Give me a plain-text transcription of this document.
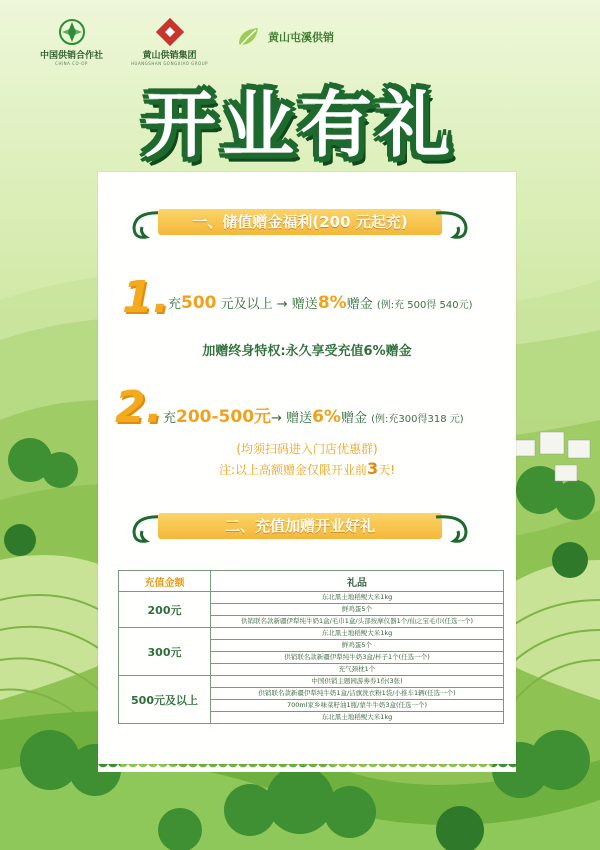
中国供销合作社
CHINA CO-OP
黄山供销集团
HUANGSHAN GONGXIAO GROUP
黄山屯溪供销
开业有礼
一、储值赠金福利(200 元起充)
1.
充500 元及以上 → 赠送8%赠金 (例:充 500得 540元)
加赠终身特权:永久享受充值6%赠金
2. 充200-500元→ 赠送6%赠金 (例:充300得318 元)
(均须扫码进入门店优惠群)
注:以上高额赠金仅限开业前3天!
二、充值加赠开业好礼
充值金额	礼品
200元	东北黑土地稻鲵大米1kg
	鲜鸡蛋5个
	供销联名款新疆伊犁纯牛奶1盒/毛巾1盒/头部按摩仪器1个/仙之宝毛巾(任选一个)
300元	东北黑土地稻鲵大米1kg
	鲜鸡蛋5个
	供销联名款新疆伊犁纯牛奶3盒/杯子1个(任选一个)
	充气颈枕1个
500元及以上	中国供销主题园游劵券1份(3张)
	供销联名款新疆伊犁纯牛奶1盒/洁旗洗衣粉1袋/小推车1辆(任选一个)
	700ml家乡味菜籽油1瓶/蒙牛牛奶3盒(任选一个)
	东北黑土地稻鲵大米1kg
